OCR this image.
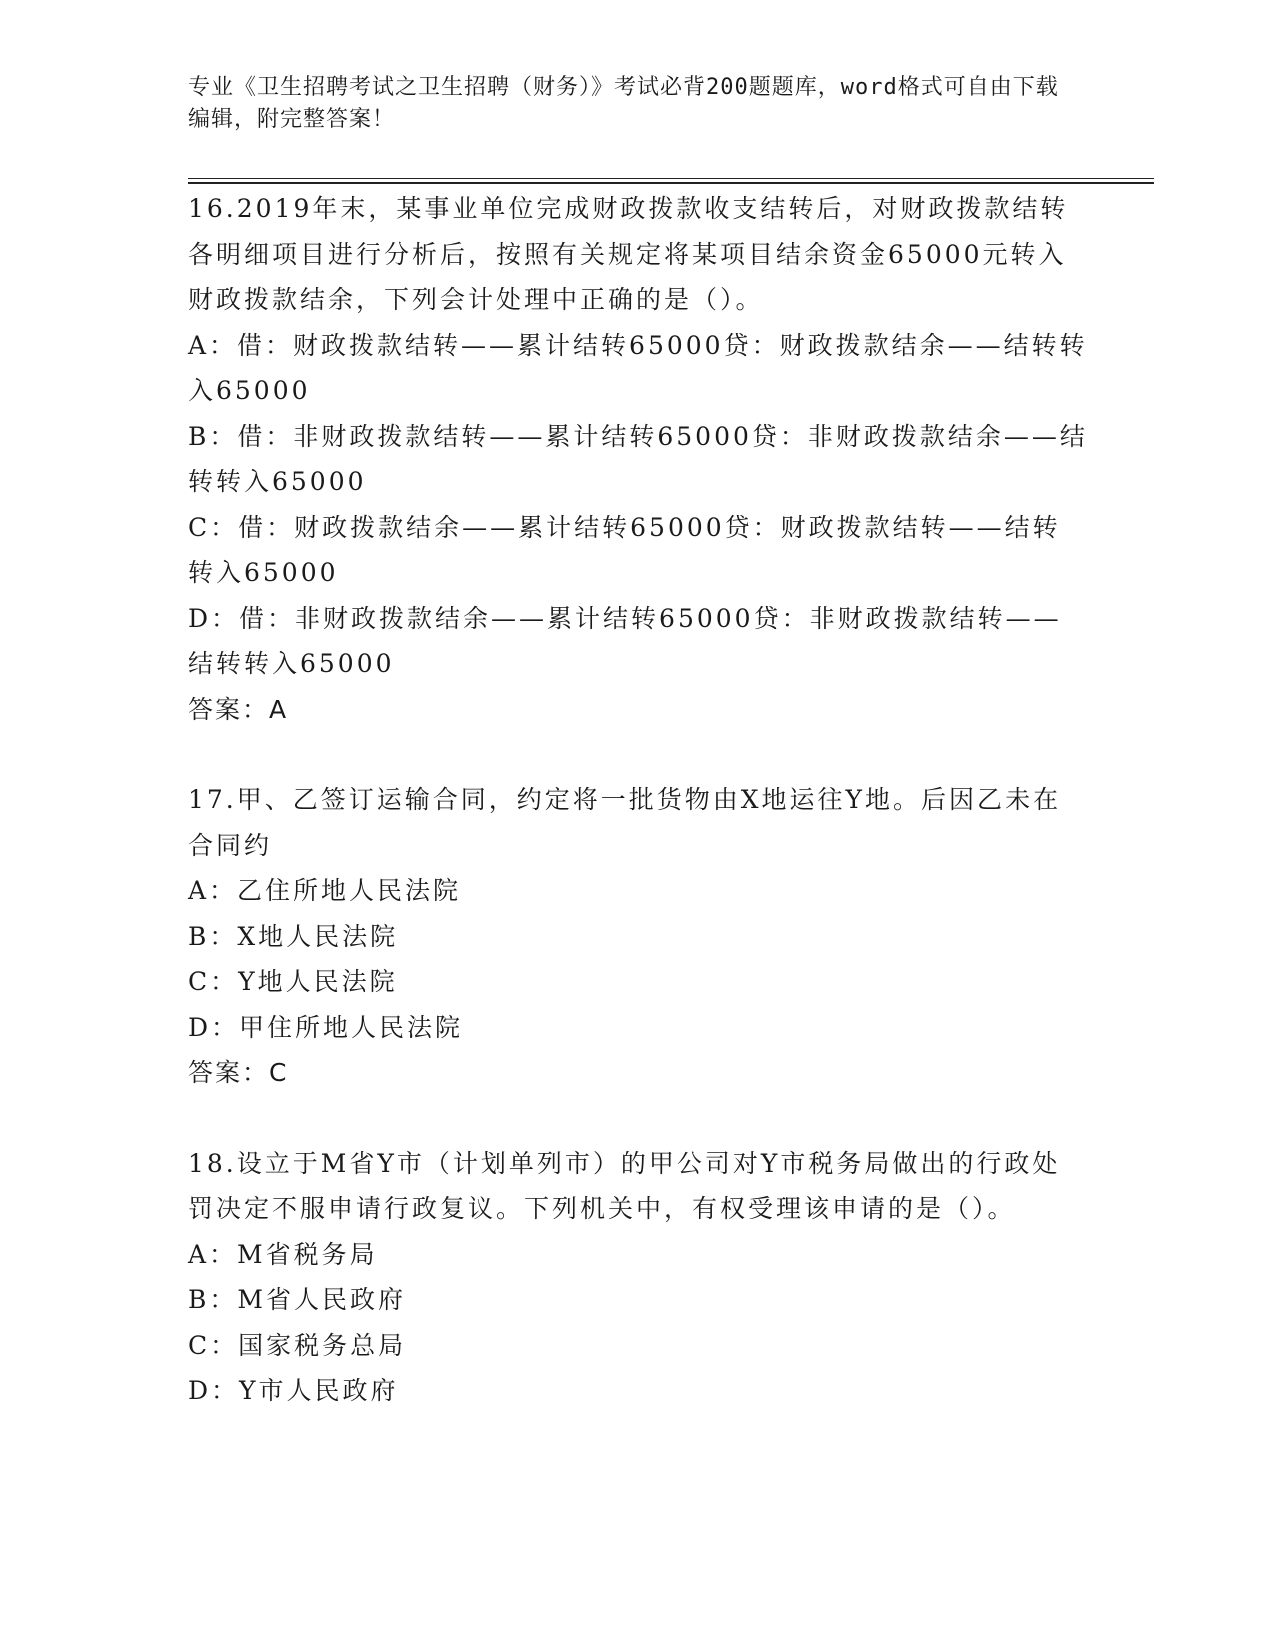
专业《卫生招聘考试之卫生招聘（财务）》考试必背200题题库，word格式可自由下载编辑，附完整答案！

16.2019年末，某事业单位完成财政拨款收支结转后，对财政拨款结转各明细项目进行分析后，按照有关规定将某项目结余资金65000元转入财政拨款结余，下列会计处理中正确的是（）。

A：借：财政拨款结转——累计结转65000贷：财政拨款结余——结转转入65000

B：借：非财政拨款结转——累计结转65000贷：非财政拨款结余——结转转入65000

C：借：财政拨款结余——累计结转65000贷：财政拨款结转——结转转入65000

D：借：非财政拨款结余——累计结转65000贷：非财政拨款结转——结转转入65000

答案：A

17.甲、乙签订运输合同，约定将一批货物由X地运往Y地。后因乙未在合同约

A：乙住所地人民法院

B：X地人民法院

C：Y地人民法院

D：甲住所地人民法院

答案：C

18.设立于M省Y市（计划单列市）的甲公司对Y市税务局做出的行政处罚决定不服申请行政复议。下列机关中，有权受理该申请的是（）。

A：M省税务局

B：M省人民政府

C：国家税务总局

D：Y市人民政府
